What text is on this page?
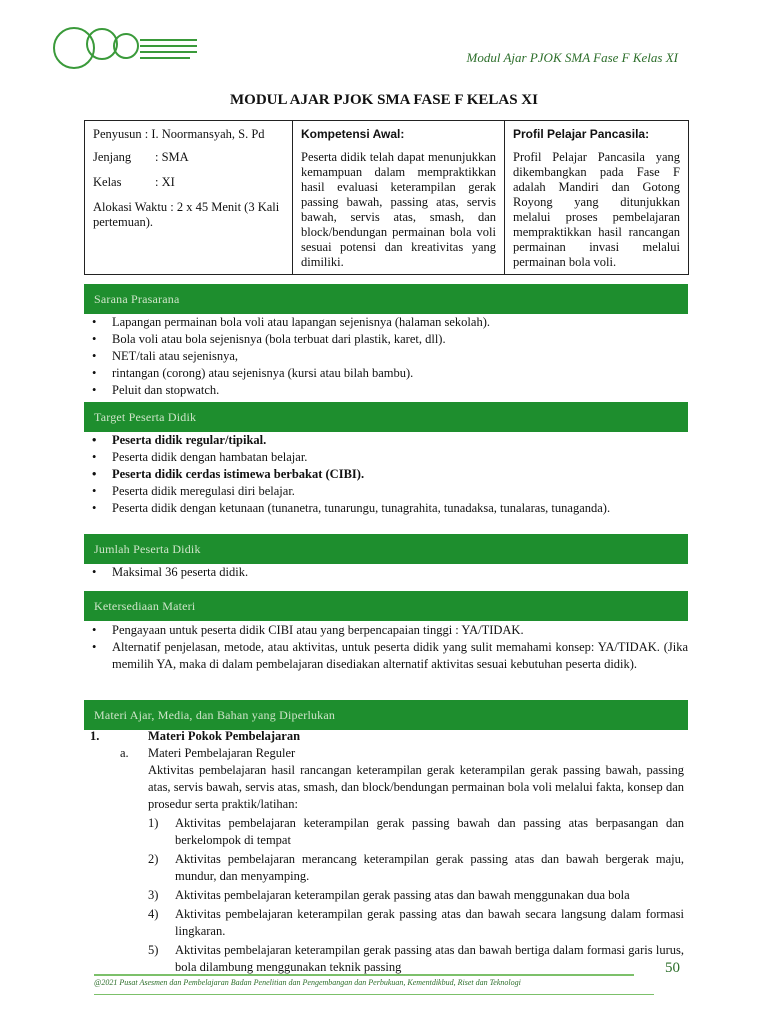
Modul Ajar PJOK SMA Fase F Kelas XI
MODUL AJAR PJOK SMA FASE F KELAS XI
Penyusun : I. Noormansyah, S. Pd
Jenjang	: SMA
Kelas	: XI
Alokasi Waktu : 2 x 45 Menit (3 Kali pertemuan).

Kompetensi Awal:
Peserta didik telah dapat menunjukkan kemampuan dalam mempraktikkan hasil evaluasi keterampilan gerak passing bawah, passing atas, servis bawah, servis atas, smash, dan block/bendungan permainan bola voli sesuai potensi dan kreativitas yang dimiliki.

Profil Pelajar Pancasila:
Profil Pelajar Pancasila yang dikembangkan pada Fase F adalah Mandiri dan Gotong Royong yang ditunjukkan melalui proses pembelajaran mempraktikkan hasil rancangan permainan invasi melalui permainan bola voli.
Sarana Prasarana
• Lapangan permainan bola voli atau lapangan sejenisnya (halaman sekolah).
• Bola voli atau bola sejenisnya (bola terbuat dari plastik, karet, dll).
• NET/tali atau sejenisnya,
• rintangan (corong) atau sejenisnya (kursi atau bilah bambu).
• Peluit dan stopwatch.
Target Peserta Didik
• Peserta didik regular/tipikal.
• Peserta didik dengan hambatan belajar.
• Peserta didik cerdas istimewa berbakat (CIBI).
• Peserta didik meregulasi diri belajar.
• Peserta didik dengan ketunaan (tunanetra, tunarungu, tunagrahita, tunadaksa, tunalaras, tunaganda).
Jumlah Peserta Didik
• Maksimal 36 peserta didik.
Ketersediaan Materi
• Pengayaan untuk peserta didik CIBI atau yang berpencapaian tinggi : YA/TIDAK.
• Alternatif penjelasan, metode, atau aktivitas, untuk peserta didik yang sulit memahami konsep: YA/TIDAK. (Jika memilih YA, maka di dalam pembelajaran disediakan alternatif aktivitas sesuai kebutuhan peserta didik).
Materi Ajar, Media, dan Bahan yang Diperlukan
1.	Materi Pokok Pembelajaran
a.	Materi Pembelajaran Reguler
Aktivitas pembelajaran hasil rancangan keterampilan gerak keterampilan gerak passing bawah, passing atas, servis bawah, servis atas, smash, dan block/bendungan permainan bola voli melalui fakta, konsep dan prosedur serta praktik/latihan:
1)	Aktivitas pembelajaran keterampilan gerak passing bawah dan passing atas berpasangan dan berkelompok di tempat
2)	Aktivitas pembelajaran merancang keterampilan gerak passing atas dan bawah bergerak maju, mundur, dan menyamping.
3)	Aktivitas pembelajaran keterampilan gerak passing atas dan bawah menggunakan dua bola
4)	Aktivitas pembelajaran keterampilan gerak passing atas dan bawah secara langsung dalam formasi lingkaran.
5)	Aktivitas pembelajaran keterampilan gerak passing atas dan bawah bertiga dalam formasi garis lurus, bola dilambung menggunakan teknik passing	50
@2021 Pusat Asesmen dan Pembelajaran Badan Penelitian dan Pengembangan dan Perbukuan, Kementdikbud, Riset dan Teknologi
